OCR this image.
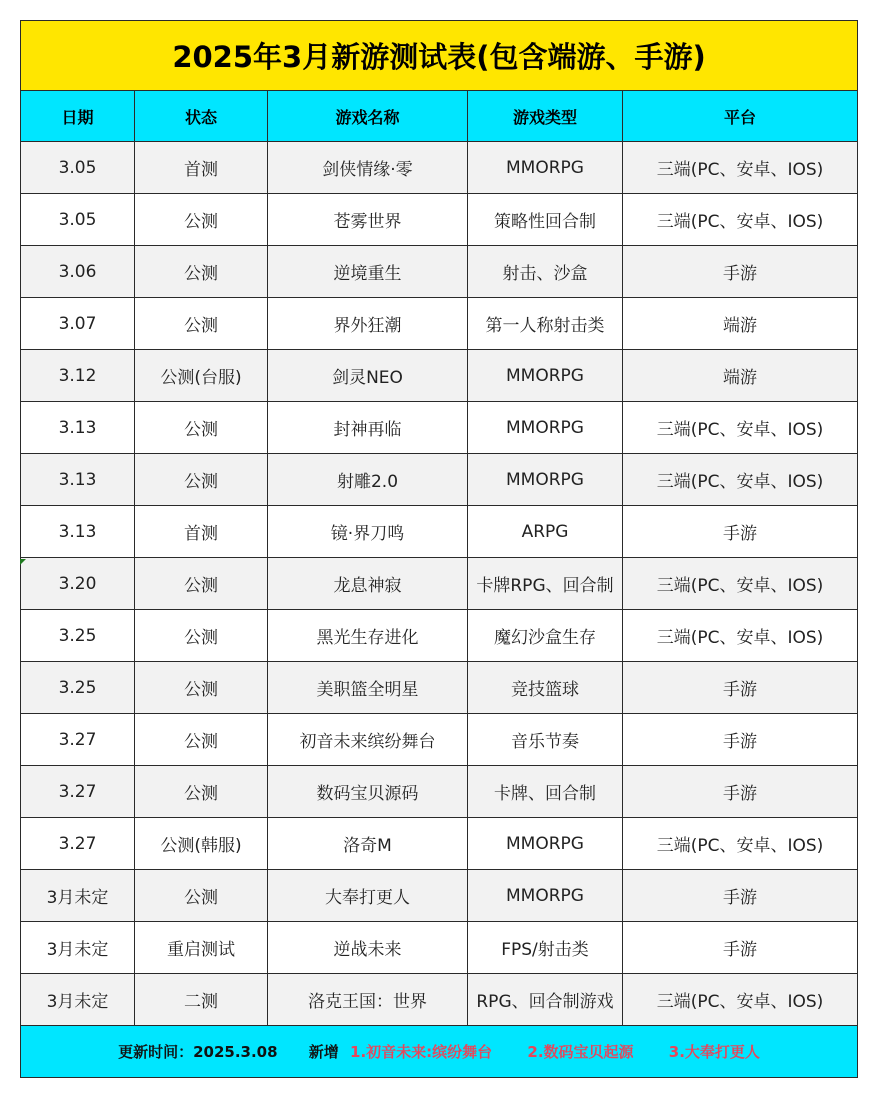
2025年3月新游测试表(包含端游、手游)				
日期	状态	游戏名称	游戏类型	平台
3.05	首测	剑侠情缘·零	MMORPG	三端(PC、安卓、IOS)
3.05	公测	苍雾世界	策略性回合制	三端(PC、安卓、IOS)
3.06	公测	逆境重生	射击、沙盒	手游
3.07	公测	界外狂潮	第一人称射击类	端游
3.12	公测(台服)	剑灵NEO	MMORPG	端游
3.13	公测	封神再临	MMORPG	三端(PC、安卓、IOS)
3.13	公测	射雕2.0	MMORPG	三端(PC、安卓、IOS)
3.13	首测	镜·界刀鸣	ARPG	手游
3.20	公测	龙息神寂	卡牌RPG、回合制	三端(PC、安卓、IOS)
3.25	公测	黑光生存进化	魔幻沙盒生存	三端(PC、安卓、IOS)
3.25	公测	美职篮全明星	竞技篮球	手游
3.27	公测	初音未来缤纷舞台	音乐节奏	手游
3.27	公测	数码宝贝源码	卡牌、回合制	手游
3.27	公测(韩服)	洛奇M	MMORPG	三端(PC、安卓、IOS)
3月未定	公测	大奉打更人	MMORPG	手游
3月未定	重启测试	逆战未来	FPS/射击类	手游
3月未定	二测	洛克王国：世界	RPG、回合制游戏	三端(PC、安卓、IOS)
更新时间：2025.3.08 新增 1.初音未来:缤纷舞台 2.数码宝贝起源 3.大奉打更人				
